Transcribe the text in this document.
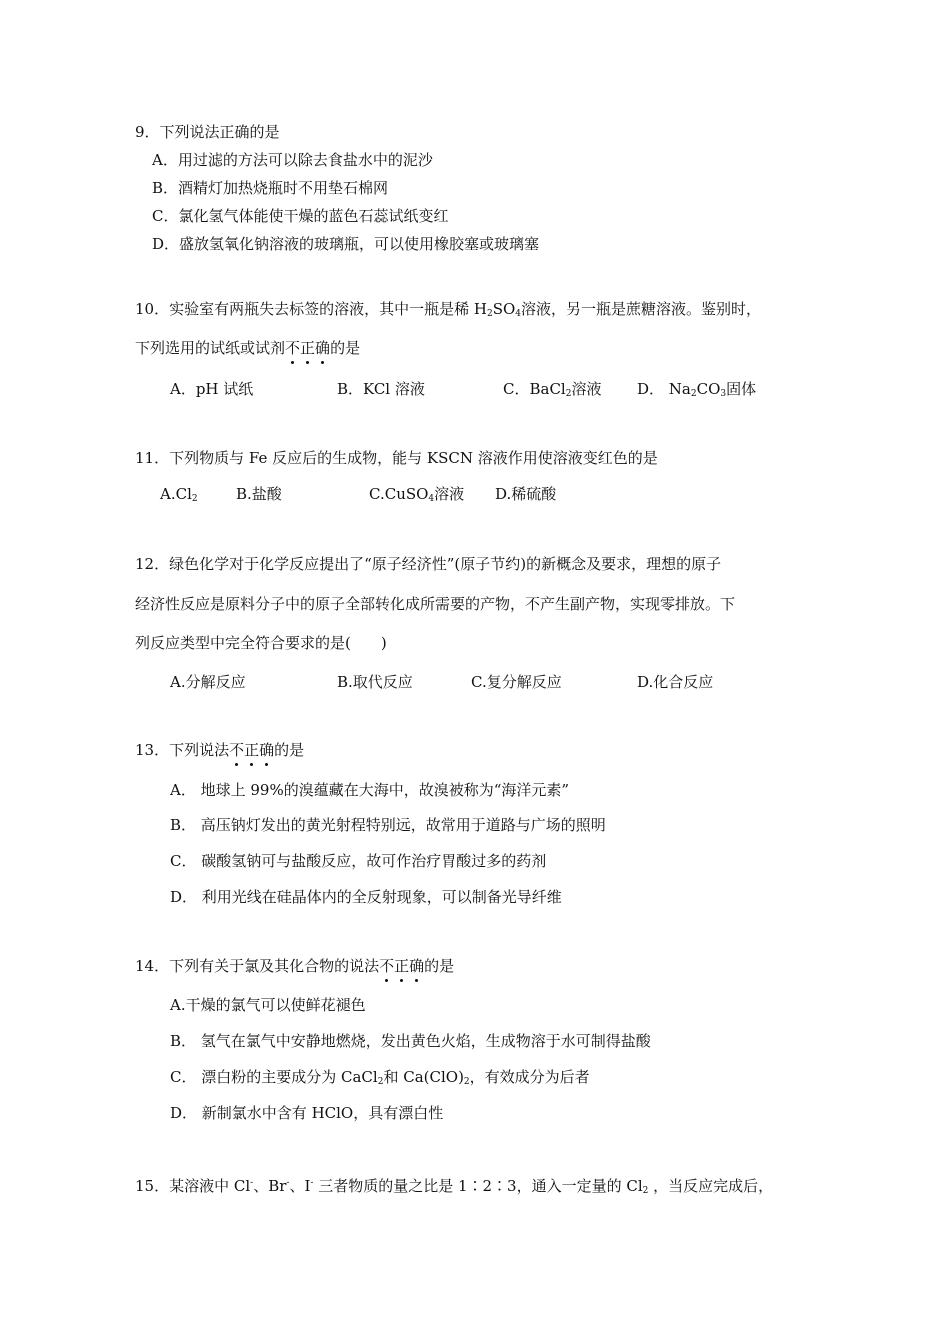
9．下列说法正确的是
A．用过滤的方法可以除去食盐水中的泥沙
B．酒精灯加热烧瓶时不用垫石棉网
C．氯化氢气体能使干燥的蓝色石蕊试纸变红
D．盛放氢氧化钠溶液的玻璃瓶，可以使用橡胶塞或玻璃塞
10．实验室有两瓶失去标签的溶液，其中一瓶是稀 $H_2SO_4$溶液，另一瓶是蔗糖溶液。鉴别时，
下列选用的试纸或试剂不正确的是
A．pH 试纸	B．KCl 溶液	C．BaCl$_2$溶液 D． $Na_2CO_3$固体
11．下列物质与 Fe 反应后的生成物，能与 KSCN 溶液作用使溶液变红色的是
$A.Cl_2$	B.盐酸	C.CuSO$_4$溶液 D.稀硫酸
12．绿色化学对于化学反应提出了“原子经济性”(原子节约)的新概念及要求，理想的原子
经济性反应是原料分子中的原子全部转化成所需要的产物，不产生副产物，实现零排放。下
列反应类型中完全符合要求的是(　　)
A.分解反应	B.取代反应	C.复分解反应	D.化合反应
13．下列说法不正确的是
A． 地球上 99%的溴蕴藏在大海中，故溴被称为“海洋元素”
B． 高压钠灯发出的黄光射程特别远，故常用于道路与广场的照明
C． 碳酸氢钠可与盐酸反应，故可作治疗胃酸过多的药剂
D． 利用光线在硅晶体内的全反射现象，可以制备光导纤维
14．下列有关于氯及其化合物的说法不正确的是
A.干燥的氯气可以使鲜花褪色
B． 氢气在氯气中安静地燃烧，发出黄色火焰，生成物溶于水可制得盐酸
C． 漂白粉的主要成分为 CaCl$_2$和 $Ca(ClO)_2$，有效成分为后者
D． 新制氯水中含有 HClO，具有漂白性
15．某溶液中 Cl-、Br-、I- 三者物质的量之比是 1∶2∶3，通入一定量的 $Cl_2$ ，当反应完成后，
